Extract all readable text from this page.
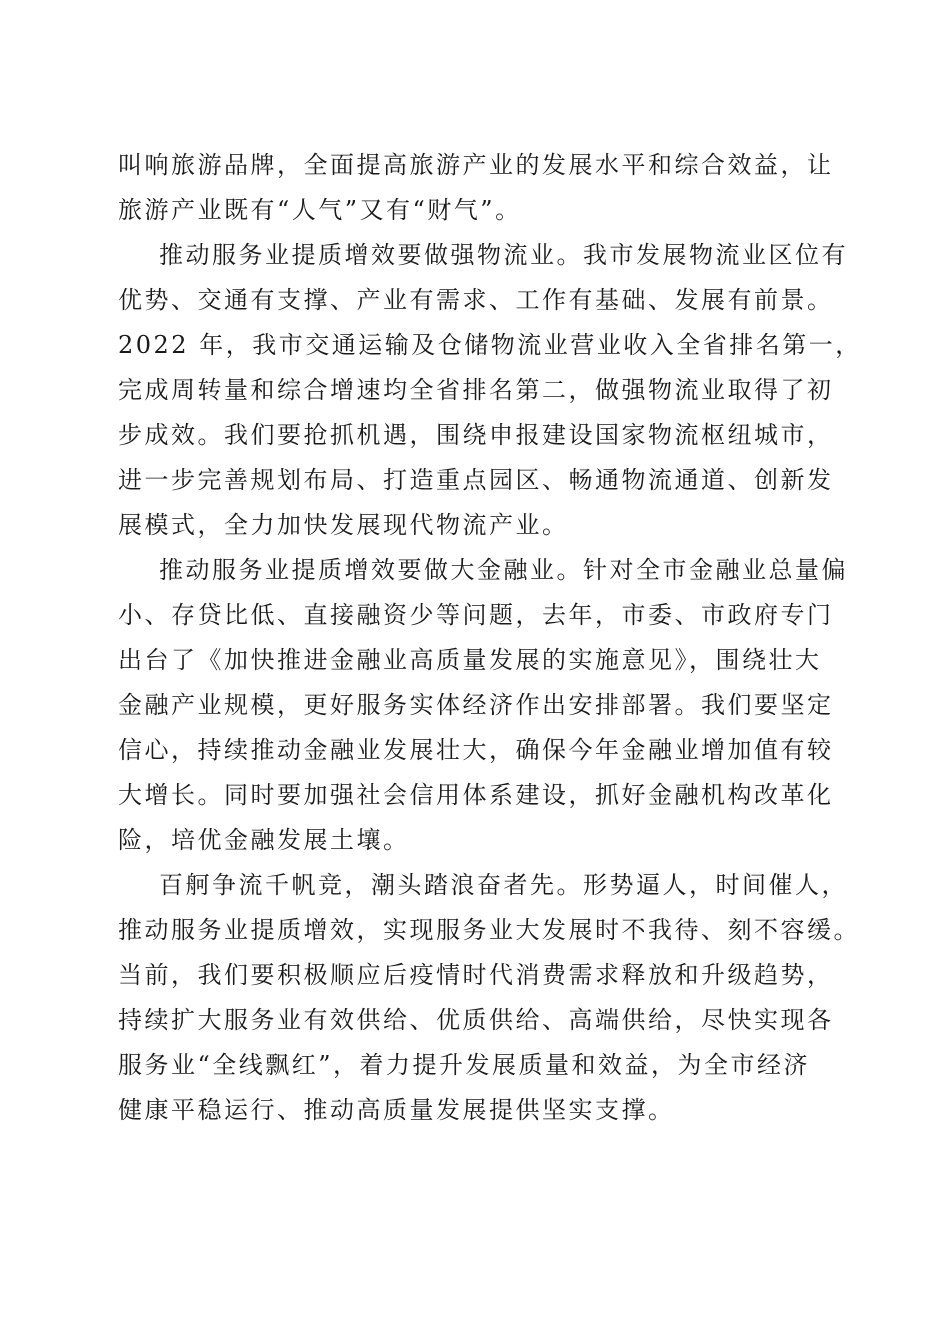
叫响旅游品牌，全面提高旅游产业的发展水平和综合效益，让
旅游产业既有“人气”又有“财气”。
推动服务业提质增效要做强物流业。我市发展物流业区位有
优势、交通有支撑、产业有需求、工作有基础、发展有前景。
2022 年，我市交通运输及仓储物流业营业收入全省排名第一，
完成周转量和综合增速均全省排名第二，做强物流业取得了初
步成效。我们要抢抓机遇，围绕申报建设国家物流枢纽城市，
进一步完善规划布局、打造重点园区、畅通物流通道、创新发
展模式，全力加快发展现代物流产业。
推动服务业提质增效要做大金融业。针对全市金融业总量偏
小、存贷比低、直接融资少等问题，去年，市委、市政府专门
出台了《加快推进金融业高质量发展的实施意见》，围绕壮大
金融产业规模，更好服务实体经济作出安排部署。我们要坚定
信心，持续推动金融业发展壮大，确保今年金融业增加值有较
大增长。同时要加强社会信用体系建设，抓好金融机构改革化
险，培优金融发展土壤。
百舸争流千帆竞，潮头踏浪奋者先。形势逼人，时间催人，
推动服务业提质增效，实现服务业大发展时不我待、刻不容缓。
当前，我们要积极顺应后疫情时代消费需求释放和升级趋势，
持续扩大服务业有效供给、优质供给、高端供给，尽快实现各
服务业“全线飘红”，着力提升发展质量和效益，为全市经济
健康平稳运行、推动高质量发展提供坚实支撑。
